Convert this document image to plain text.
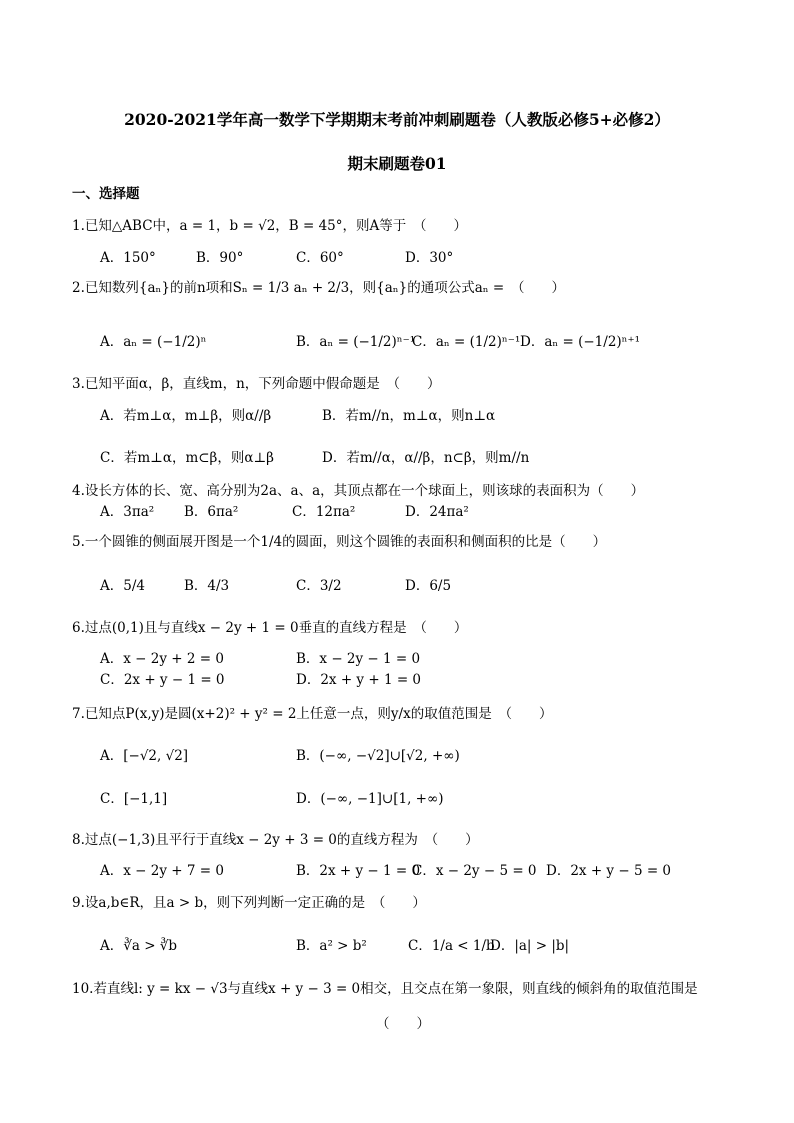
2020-2021学年高一数学下学期期末考前冲刺刷题卷（人教版必修5+必修2）
期末刷题卷01
一、选择题
1.已知△ABC中，a = 1，b = √2，B = 45°，则A等于　（　　）
A．150°	B．90°	C．60°	D．30°
2.已知数列{aₙ}的前n项和Sₙ = 1/3 aₙ + 2/3，则{aₙ}的通项公式aₙ =　（　　）
A．aₙ = (−1/2)ⁿ	B．aₙ = (−1/2)ⁿ⁻¹
C．aₙ = (1/2)ⁿ⁻¹ D．aₙ = (−1/2)ⁿ⁺¹
3.已知平面α，β，直线m，n，下列命题中假命题是　（　　）
A．若m⊥α，m⊥β，则α//β	B．若m//n，m⊥α，则n⊥α
C．若m⊥α，m⊂β，则α⊥β	D．若m//α，α//β，n⊂β，则m//n
4.设长方体的长、宽、高分别为2a、a、a，其顶点都在一个球面上，则该球的表面积为（　　）
A．3πa² B．6πa²	C．12πa²	D．24πa²
5.一个圆锥的侧面展开图是一个1/4的圆面，则这个圆锥的表面积和侧面积的比是（　　）
A．5/4	B．4/3	C．3/2	D．6/5
6.过点(0,1)且与直线x − 2y + 1 = 0垂直的直线方程是　（　　）
A．x − 2y + 2 = 0	B．x − 2y − 1 = 0
C．2x + y − 1 = 0	D．2x + y + 1 = 0
7.已知点P(x,y)是圆(x+2)² + y² = 2上任意一点，则y/x的取值范围是　（　　）
A．[−√2, √2]	B．(−∞, −√2]∪[√2, +∞)
C．[−1,1]	D．(−∞, −1]∪[1, +∞)
8.过点(−1,3)且平行于直线x − 2y + 3 = 0的直线方程为　（　　）
A．x − 2y + 7 = 0	B．2x + y − 1 = 0
C．x − 2y − 5 = 0 D．2x + y − 5 = 0
9.设a,b∈R，且a > b，则下列判断一定正确的是　（　　）
A．∛a > ∛b	B．a² > b²	C．1/a < 1/b
D．|a| > |b|
10.若直线l: y = kx − √3与直线x + y − 3 = 0相交，且交点在第一象限，则直线的倾斜角的取值范围是
（　　）
